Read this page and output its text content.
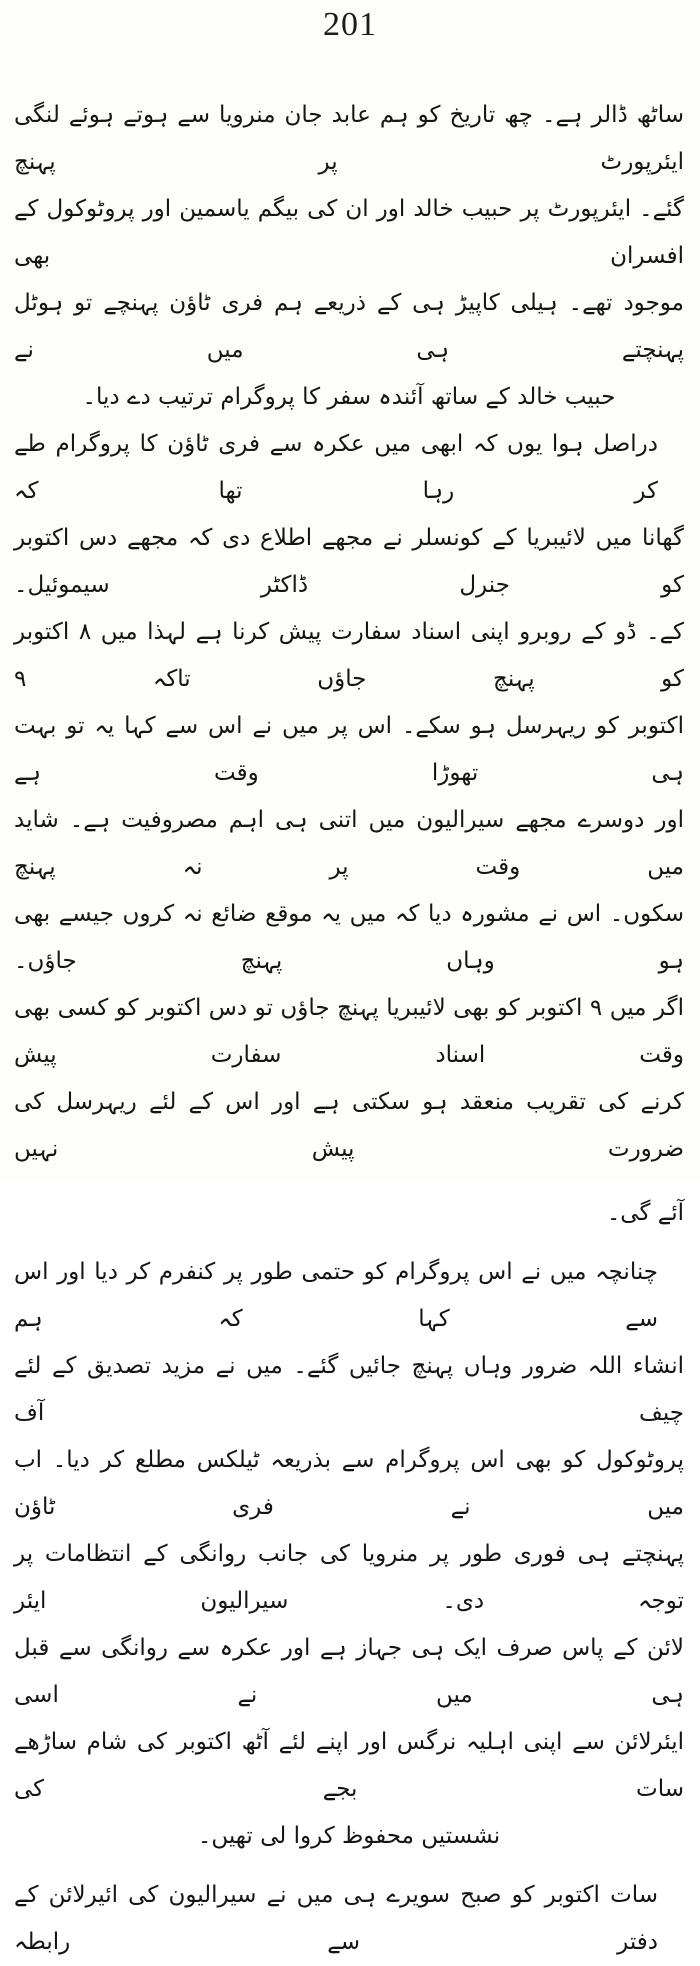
201
ساٹھ ڈالر ہے۔ چھ تاریخ کو ہم عابد جان منرویا سے ہوتے ہوئے لنگی ایئرپورٹ پر پہنچ
گئے۔ ایئرپورٹ پر حبیب خالد اور ان کی بیگم یاسمین اور پروٹوکول کے افسران بھی
موجود تھے۔ ہیلی کاپیڑ ہی کے ذریعے ہم فری ٹاؤن پہنچے تو ہوٹل پہنچتے ہی میں نے
حبیب خالد کے ساتھ آئندہ سفر کا پروگرام ترتیب دے دیا۔
دراصل ہوا یوں کہ ابھی میں عکرہ سے فری ٹاؤن کا پروگرام طے کر رہا تھا کہ
گھانا میں لائیبریا کے کونسلر نے مجھے اطلاع دی کہ مجھے دس اکتوبر کو جنرل ڈاکٹر سیموئیل۔
کے۔ ڈو کے روبرو اپنی اسناد سفارت پیش کرنا ہے لہذا میں ۸ اکتوبر کو پہنچ جاؤں تاکہ ۹
اکتوبر کو ریہرسل ہو سکے۔ اس پر میں نے اس سے کہا یہ تو بہت ہی تھوڑا وقت ہے
اور دوسرے مجھے سیرالیون میں اتنی ہی اہم مصروفیت ہے۔ شاید میں وقت پر نہ پہنچ
سکوں۔ اس نے مشورہ دیا کہ میں یہ موقع ضائع نہ کروں جیسے بھی ہو وہاں پہنچ جاؤں۔
اگر میں ۹ اکتوبر کو بھی لائیبریا پہنچ جاؤں تو دس اکتوبر کو کسی بھی وقت اسناد سفارت پیش
کرنے کی تقریب منعقد ہو سکتی ہے اور اس کے لئے ریہرسل کی ضرورت پیش نہیں
آئے گی۔
چنانچہ میں نے اس پروگرام کو حتمی طور پر کنفرم کر دیا اور اس سے کہا کہ ہم
انشاء اللہ ضرور وہاں پہنچ جائیں گئے۔ میں نے مزید تصدیق کے لئے چیف آف
پروٹوکول کو بھی اس پروگرام سے بذریعہ ٹیلکس مطلع کر دیا۔ اب میں نے فری ٹاؤن
پہنچتے ہی فوری طور پر منرویا کی جانب روانگی کے انتظامات پر توجہ دی۔ سیرالیون ایئر
لائن کے پاس صرف ایک ہی جہاز ہے اور عکرہ سے روانگی سے قبل ہی میں نے اسی
ایئرلائن سے اپنی اہلیہ نرگس اور اپنے لئے آٹھ اکتوبر کی شام ساڑھے سات بجے کی
نشستیں محفوظ کروا لی تھیں۔
سات اکتوبر کو صبح سویرے ہی میں نے سیرالیون کی ائیرلائن کے دفتر سے رابطہ
